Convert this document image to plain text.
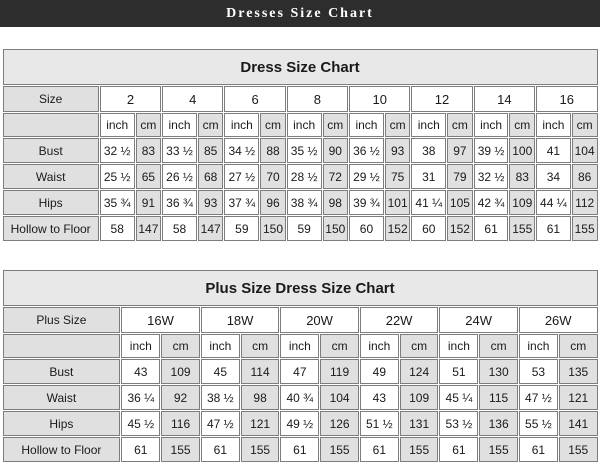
Dresses Size Chart
Dress Size Chart																
Size	2		4		6		8		10		12		14		16	
	inch	cm	inch	cm	inch	cm	inch	cm	inch	cm	inch	cm	inch	cm	inch	cm
Bust	32 ½	83	33 ½	85	34 ½	88	35 ½	90	36 ½	93	38	97	39 ½	100	41	104
Waist	25 ½	65	26 ½	68	27 ½	70	28 ½	72	29 ½	75	31	79	32 ½	83	34	86
Hips	35 ¾	91	36 ¾	93	37 ¾	96	38 ¾	98	39 ¾	101	41 ¼	105	42 ¾	109	44 ¼	112
Hollow to Floor	58	147	58	147	59	150	59	150	60	152	60	152	61	155	61	155
Plus Size Dress Size Chart												
Plus Size	16W		18W		20W		22W		24W		26W	
	inch	cm	inch	cm	inch	cm	inch	cm	inch	cm	inch	cm
Bust	43	109	45	114	47	119	49	124	51	130	53	135
Waist	36 ¼	92	38 ½	98	40 ¾	104	43	109	45 ¼	115	47 ½	121
Hips	45 ½	116	47 ½	121	49 ½	126	51 ½	131	53 ½	136	55 ½	141
Hollow to Floor	61	155	61	155	61	155	61	155	61	155	61	155
